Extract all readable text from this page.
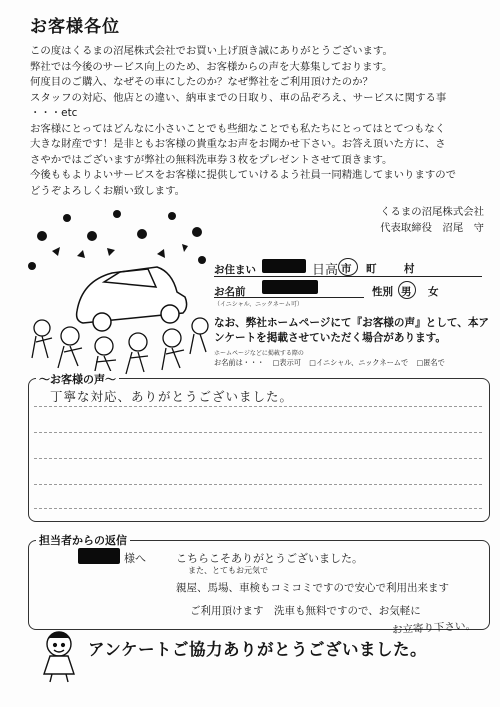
お客様各位
この度はくるまの沼尾株式会社でお買い上げ頂き誠にありがとうございます。
弊社では今後のサービス向上のため、お客様からの声を大募集しております。
何度目のご購入、なぜその車にしたのか？なぜ弊社をご利用頂けたのか？
スタッフの対応、他店との違い、納車までの日取り、車の品ぞろえ、サービスに関する事
・・・etc
お客様にとってはどんなに小さいことでも些細なことでも私たちにとってはとてつもなく
大きな財産です！是非ともお客様の貴重なお声をお聞かせ下さい。お答え頂いた方に、さ
さやかではございますが弊社の無料洗車券３枚をプレゼントさせて頂きます。
今後ももよりよいサービスをお客様に提供していけるよう社員一同精進してまいりますので
どうぞよろしくお願い致します。
くるまの沼尾株式会社
代表取締役　沼尾　守
お住まい	日高 市 町	村
お名前
（イニシャル、ニックネーム可）
性別 男 女
なお、弊社ホームページにて『お客様の声』として、本アンケートを掲載させていただく場合があります。
ホームページなどに掲載する際の
お名前は・・・ □表示可 □イニシャル、ニックネームで □匿名で
～お客様の声～
丁寧な対応、ありがとうございました。
担当者からの返信
様へ	こちらこそありがとうございました。
また、とてもお元気で
親屋、馬場、車検もコミコミですので安心で利用出来ます
ご利用頂けます　洗車も無料ですので、お気軽に
お立寄り下さい。
アンケートご協力ありがとうございました。
